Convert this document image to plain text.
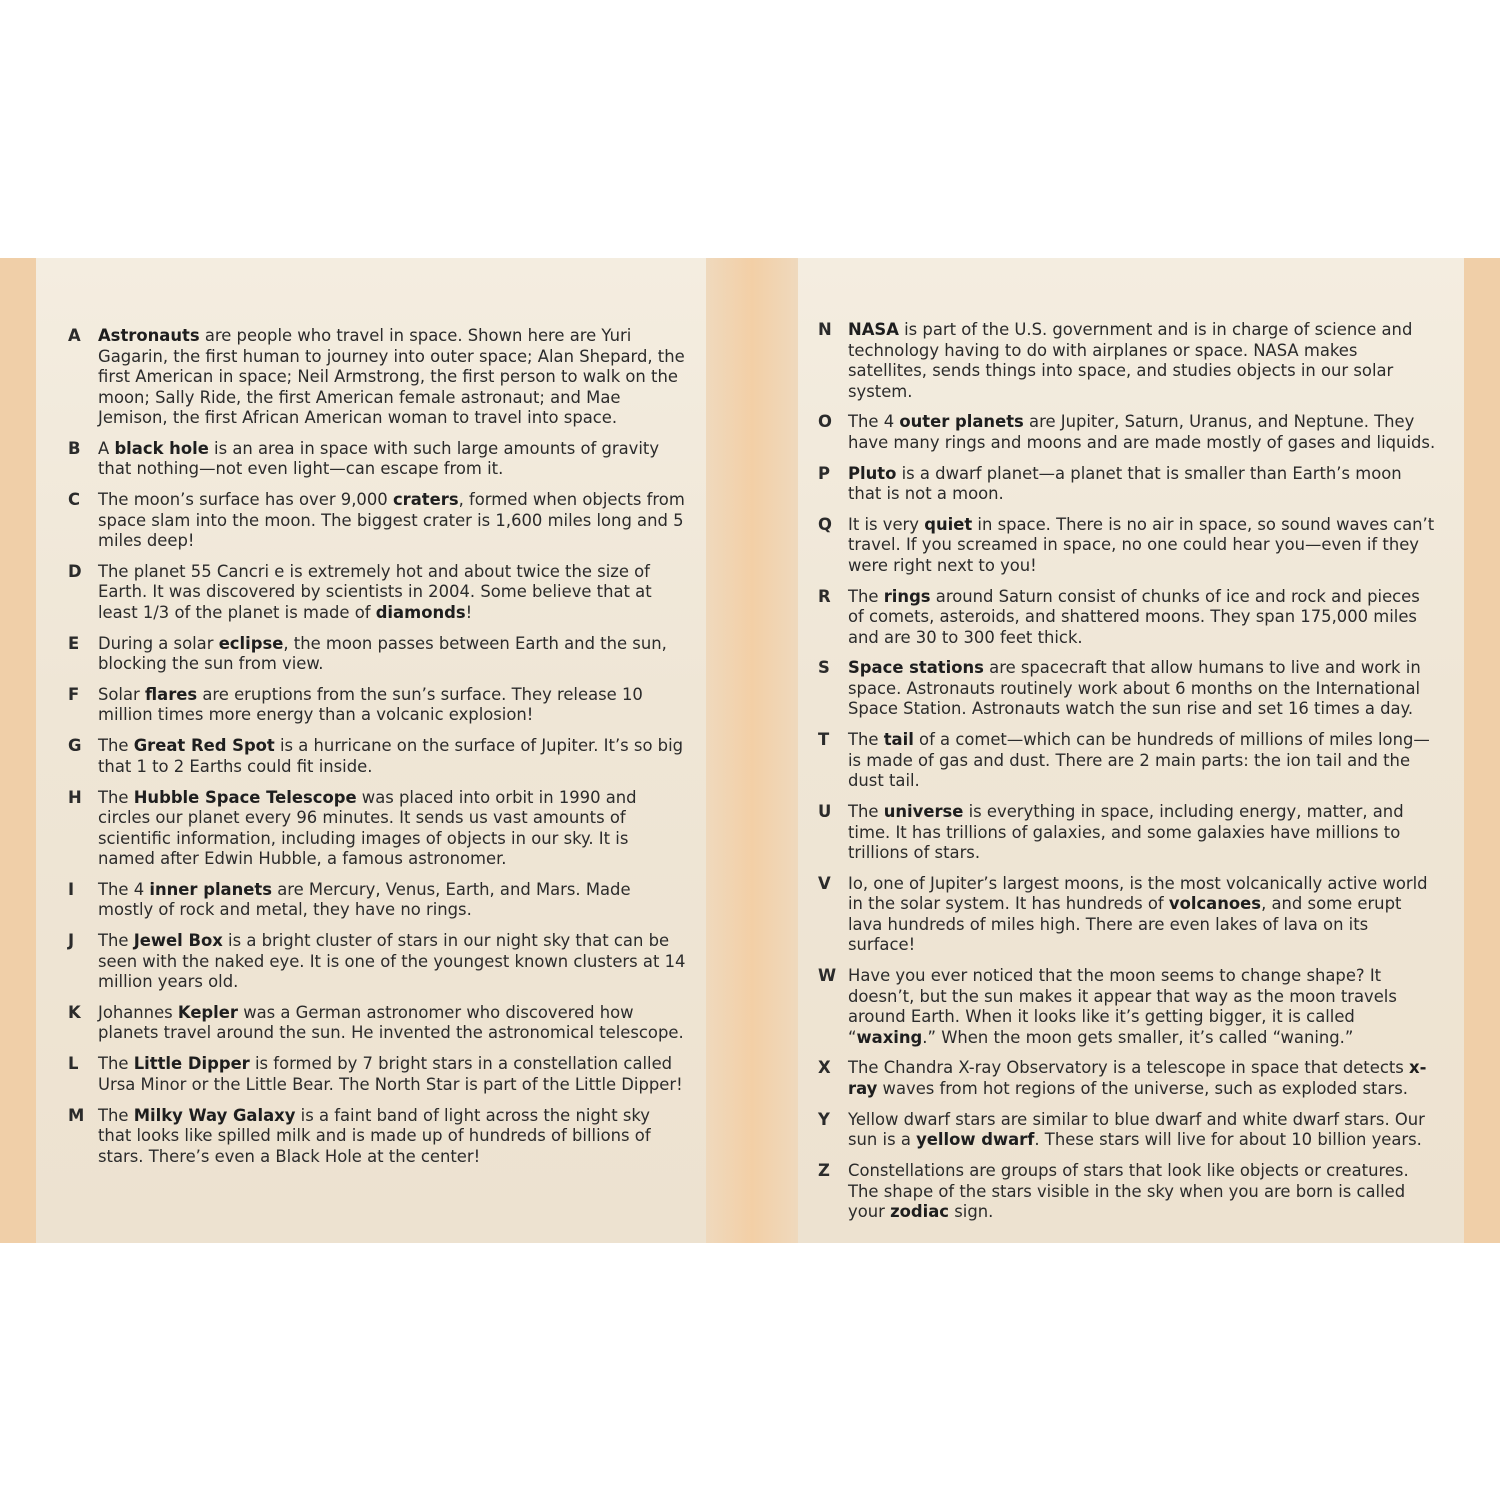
A	Astronauts are people who travel in space. Shown here are Yuri Gagarin, the first human to journey into outer space; Alan Shepard, the first American in space; Neil Armstrong, the first person to walk on the moon; Sally Ride, the first American female astronaut; and Mae Jemison, the first African American woman to travel into space.
B	A black hole is an area in space with such large amounts of gravity that nothing—not even light—can escape from it.
C	The moon’s surface has over 9,000 craters, formed when objects from space slam into the moon. The biggest crater is 1,600 miles long and 5 miles deep!
D The planet 55 Cancri e is extremely hot and about twice the size of Earth. It was discovered by scientists in 2004. Some believe that at least 1/3 of the planet is made of diamonds!
E	During a solar eclipse, the moon passes between Earth and the sun, blocking the sun from view.
F	Solar flares are eruptions from the sun’s surface. They release 10 million times more energy than a volcanic explosion!
G	The Great Red Spot is a hurricane on the surface of Jupiter. It’s so big that 1 to 2 Earths could fit inside.
H The Hubble Space Telescope was placed into orbit in 1990 and circles our planet every 96 minutes. It sends us vast amounts of scientific information, including images of objects in our sky. It is named after Edwin Hubble, a famous astronomer.
I	The 4 inner planets are Mercury, Venus, Earth, and Mars. Made mostly of rock and metal, they have no rings.
J	The Jewel Box is a bright cluster of stars in our night sky that can be seen with the naked eye. It is one of the youngest known clusters at 14 million years old.
K	Johannes Kepler was a German astronomer who discovered how planets travel around the sun. He invented the astronomical telescope.
L	The Little Dipper is formed by 7 bright stars in a constellation called Ursa Minor or the Little Bear. The North Star is part of the Little Dipper!
M The Milky Way Galaxy is a faint band of light across the night sky that looks like spilled milk and is made up of hundreds of billions of stars. There’s even a Black Hole at the center!
N NASA is part of the U.S. government and is in charge of science and technology having to do with airplanes or space. NASA makes satellites, sends things into space, and studies objects in our solar system.
O The 4 outer planets are Jupiter, Saturn, Uranus, and Neptune. They have many rings and moons and are made mostly of gases and liquids.
P	Pluto is a dwarf planet—a planet that is smaller than Earth’s moon that is not a moon.
Q It is very quiet in space. There is no air in space, so sound waves can’t travel. If you screamed in space, no one could hear you—even if they were right next to you!
R	The rings around Saturn consist of chunks of ice and rock and pieces of comets, asteroids, and shattered moons. They span 175,000 miles and are 30 to 300 feet thick.
S	Space stations are spacecraft that allow humans to live and work in space. Astronauts routinely work about 6 months on the International Space Station. Astronauts watch the sun rise and set 16 times a day.
T	The tail of a comet—which can be hundreds of millions of miles long—is made of gas and dust. There are 2 main parts: the ion tail and the dust tail.
U	The universe is everything in space, including energy, matter, and time. It has trillions of galaxies, and some galaxies have millions to trillions of stars.
V	Io, one of Jupiter’s largest moons, is the most volcanically active world in the solar system. It has hundreds of volcanoes, and some erupt lava hundreds of miles high. There are even lakes of lava on its surface!
W Have you ever noticed that the moon seems to change shape? It doesn’t, but the sun makes it appear that way as the moon travels around Earth. When it looks like it’s getting bigger, it is called “waxing.” When the moon gets smaller, it’s called “waning.”
X	The Chandra X-ray Observatory is a telescope in space that detects x-ray waves from hot regions of the universe, such as exploded stars.
Y	Yellow dwarf stars are similar to blue dwarf and white dwarf stars. Our sun is a yellow dwarf. These stars will live for about 10 billion years.
Z	Constellations are groups of stars that look like objects or creatures. The shape of the stars visible in the sky when you are born is called your zodiac sign.
